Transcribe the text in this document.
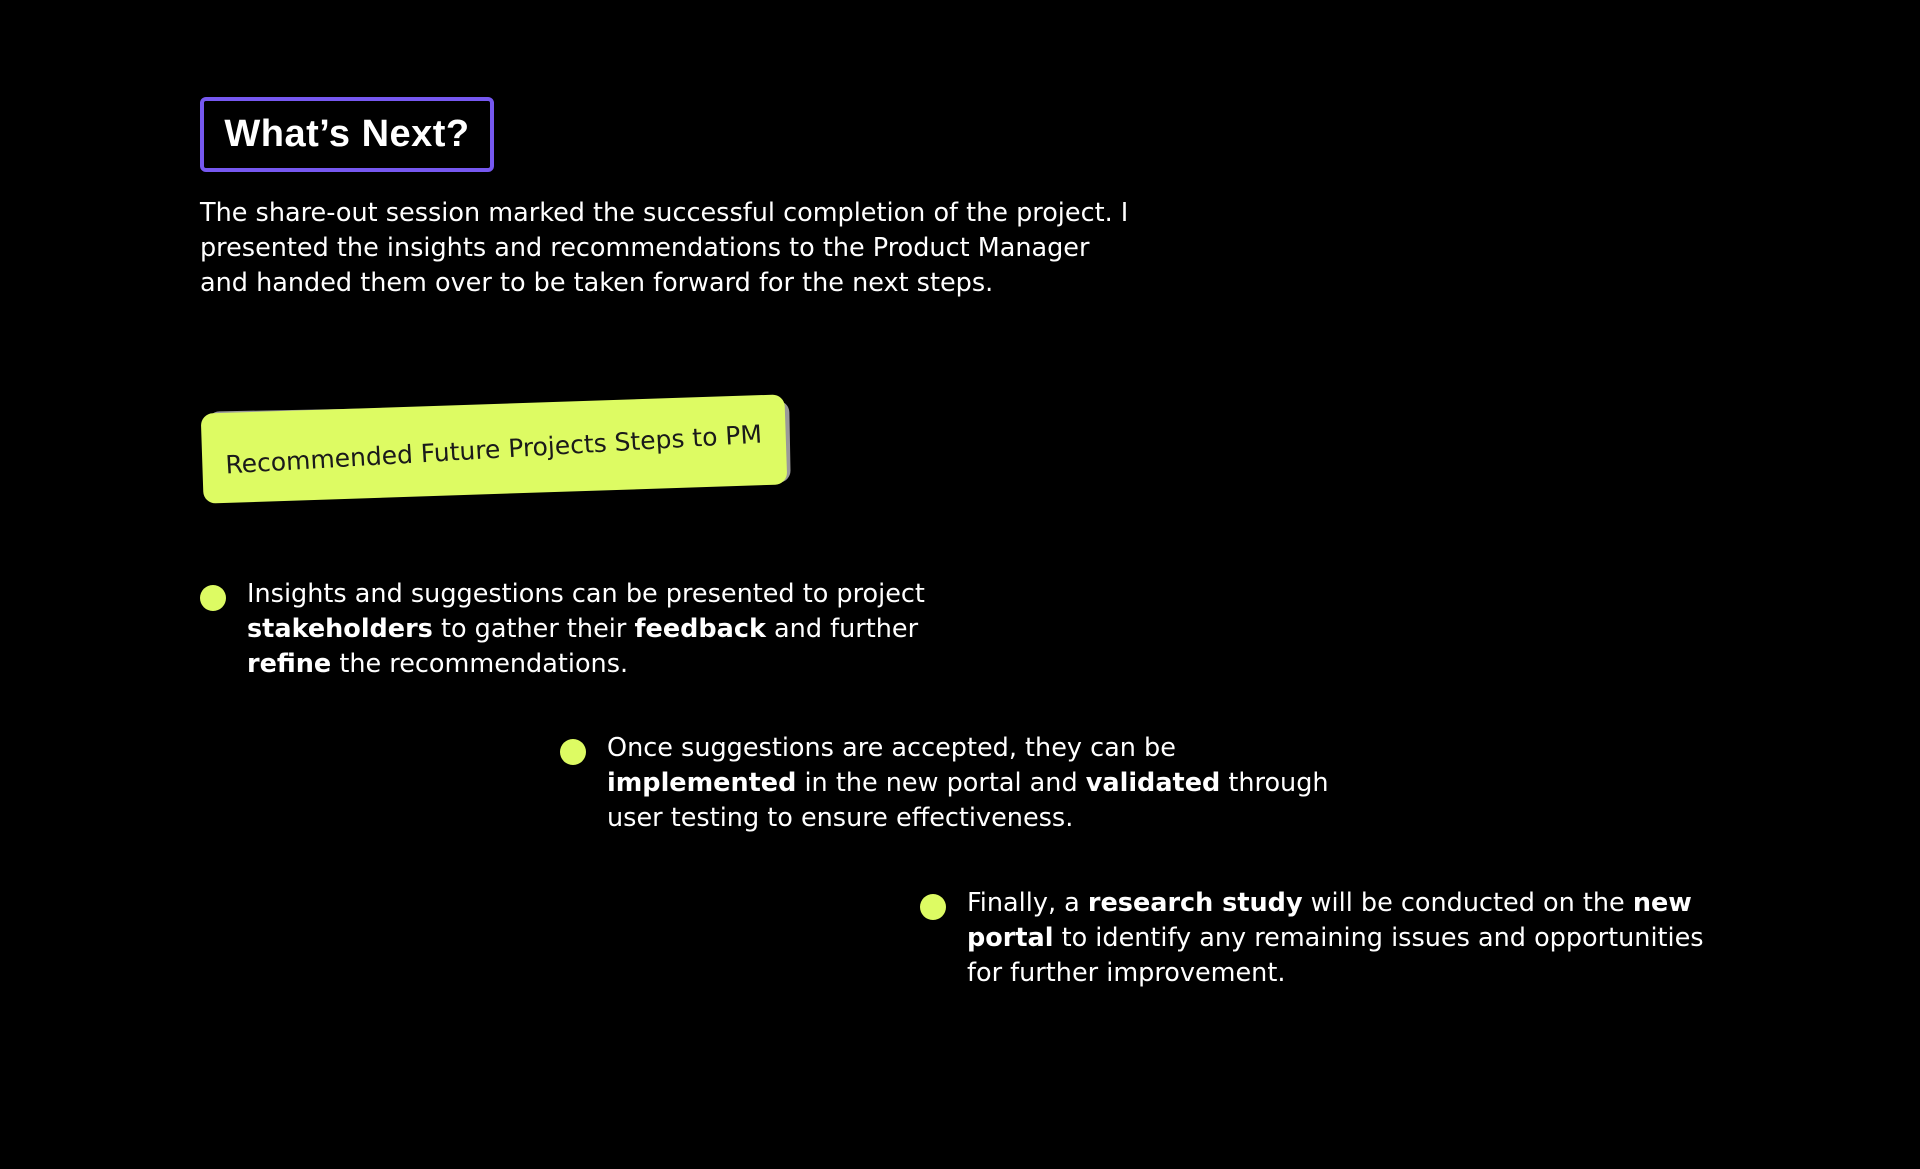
What’s Next?

The share-out session marked the successful completion of the project. I presented the insights and recommendations to the Product Manager and handed them over to be taken forward for the next steps.

Recommended Future Projects Steps to PM

Insights and suggestions can be presented to project stakeholders to gather their feedback and further refine the recommendations.

Once suggestions are accepted, they can be implemented in the new portal and validated through user testing to ensure effectiveness.

Finally, a research study will be conducted on the new portal to identify any remaining issues and opportunities for further improvement.
